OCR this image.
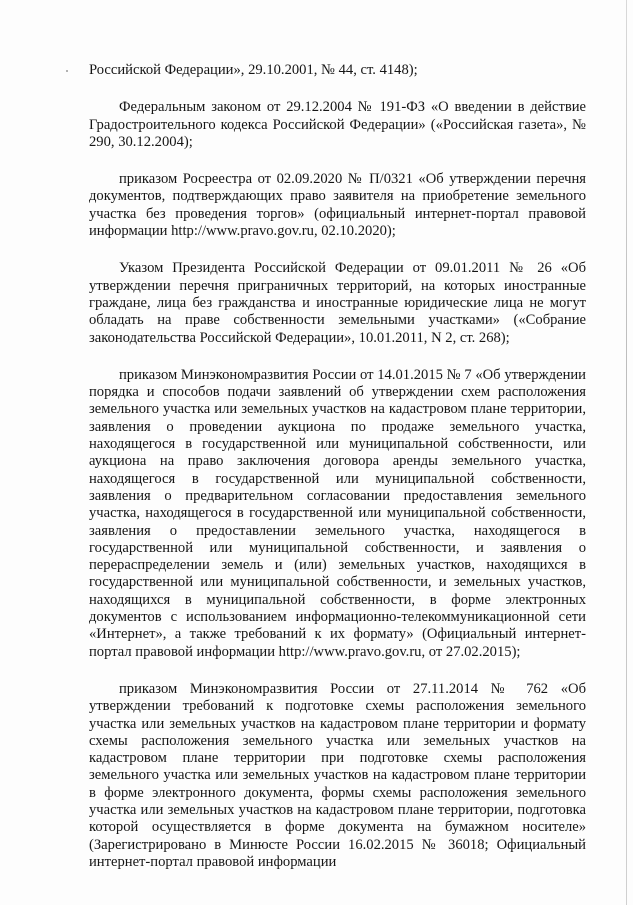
Российской Федерации», 29.10.2001, № 44, ст. 4148);

Федеральным законом от 29.12.2004 № 191-ФЗ «О введении в действие Градостроительного кодекса Российской Федерации» («Российская газета», № 290, 30.12.2004);

приказом Росреестра от 02.09.2020 № П/0321 «Об утверждении перечня документов, подтверждающих право заявителя на приобретение земельного участка без проведения торгов» (официальный интернет-портал правовой информации http://www.pravo.gov.ru, 02.10.2020);

Указом Президента Российской Федерации от 09.01.2011 № 26 «Об утверждении перечня приграничных территорий, на которых иностранные граждане, лица без гражданства и иностранные юридические лица не могут обладать на праве собственности земельными участками» («Собрание законодательства Российской Федерации», 10.01.2011, N 2, ст. 268);

приказом Минэкономразвития России от 14.01.2015 № 7 «Об утверждении порядка и способов подачи заявлений об утверждении схем расположения земельного участка или земельных участков на кадастровом плане территории, заявления о проведении аукциона по продаже земельного участка, находящегося в государственной или муниципальной собственности, или аукциона на право заключения договора аренды земельного участка, находящегося в государственной или муниципальной собственности, заявления о предварительном согласовании предоставления земельного участка, находящегося в государственной или муниципальной собственности, заявления о предоставлении земельного участка, находящегося в государственной или муниципальной собственности, и заявления о перераспределении земель и (или) земельных участков, находящихся в государственной или муниципальной собственности, и земельных участков, находящихся в муниципальной собственности, в форме электронных документов с использованием информационно-телекоммуникационной сети «Интернет», а также требований к их формату» (Официальный интернет-портал правовой информации http://www.pravo.gov.ru, от 27.02.2015);

приказом Минэкономразвития России от 27.11.2014 № 762 «Об утверждении требований к подготовке схемы расположения земельного участка или земельных участков на кадастровом плане территории и формату схемы расположения земельного участка или земельных участков на кадастровом плане территории при подготовке схемы расположения земельного участка или земельных участков на кадастровом плане территории в форме электронного документа, формы схемы расположения земельного участка или земельных участков на кадастровом плане территории, подготовка которой осуществляется в форме документа на бумажном носителе» (Зарегистрировано в Минюсте России 16.02.2015 № 36018; Официальный интернет-портал правовой информации
